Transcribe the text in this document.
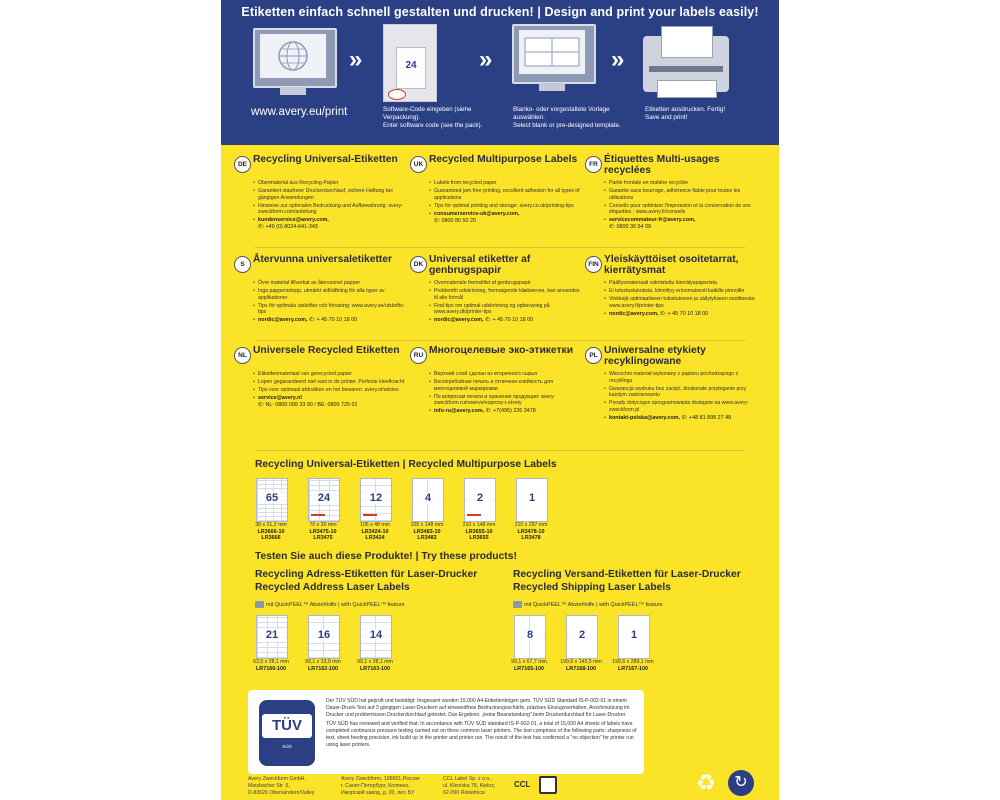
Etiketten einfach schnell gestalten und drucken! | Design and print your labels easily!
www.avery.eu/print
»	24
Software-Code eingeben (siehe Verpackung).
Enter software code (see the pack).
»
Blanko- oder vorgestaltete Vorlage auswählen.
Select blank or pre-designed template.
»
Etiketten ausdrucken. Fertig!
Save and print!
DE Recycling Universal-Etiketten
• Obermaterial aus Recycling-Papier
• Garantiert staufreier Druckerdurchlauf, sichere Haftung bei gängigen Anwendungen
• Hinweise zur optimalen Bedruckung und Aufbewahrung: avery-zweckform.com/anleitung
• kundenservice@avery.com,
✆: +49 (0) 8024-641-343
UK Recycled Multipurpose Labels
• Labels from recycled paper
• Guaranteed jam free printing, excellent adhesion for all types of applications
• Tips for optimal printing and storage: avery.co.uk/printing-tips
• consumerservice-uk@avery.com,
✆: 0800 80 50 20
FR Étiquettes Multi-usages recyclées
• Partie frontale en matière recyclée
• Garantie sans bourrage, adhérence fiable pour toutes les utilisations
• Conseils pour optimiser l'impression et la conservation de vos étiquettes : www.avery.fr/conseils
• servicecommateur-fr@avery.com,
✆: 0800 36 54 09
S Återvunna universaletiketter
• Övre material tillverkat av återvunnet papper
• Inga pappersstopp, utmärkt vidhäftning för alla typer av applikationer
• Tips för optimala utskrifter och förvaring: www.avery.se/utskrifts-tips
• nordic@avery.com, ✆: + 45 70 10 18 00
DK Universal etiketter af genbrugspapir
• Overmateriale fremstillet af genbrugspapir
• Problemfri udskrivning, fremragende klæbeevne, kan anvendes til alle formål
• Find tips om optimal udskrivning og opbevaring på www.avery.dk/printer-tips
• nordic@avery.com, ✆: + 45 70 10 18 00
FIN Yleiskäyttöiset osoitetarrat, kierrätysmat
• Päällysmateriaali valmistettu kierrätyspaperista
• Ei tulostustukoksia, kiinnittyy erinomaisesti kaikille pinnoille
• Vinkkejä optimaaliseen tulostukseen ja säilytykseen osoitteesta: www.avery.fi/printer-tips
• nordic@avery.com, ✆: + 45 70 10 18 00
NL Universele Recycled Etiketten
• Etikettenmateriaal van gerecycled papier
• Lopen gegarandeerd niet vast in de printer. Perfecte kleefkracht
• Tips voor optimaal afdrukken en het bewaren: avery.nl/advies
• service@avery.nl
✆: NL: 0800 099 33 90 / BE: 0800 725 01
RU Многоцелевые эко-этикетки
• Верхний слой сделан из вторичного сырья
• Бесперебойная печать и отличная клейкость для многоцелевой маркировки
• По вопросам печати и хранения продукции: avery-zweckform.ru/reserve/voprosy-i-otvety
• info-ru@avery.com, ✆: +7(495) 226 3478
PL Uniwersalne etykiety recyklingowane
• Wierzchni materiał wykonany z papieru pochodzącego z recyklingu
• Gwarancja wydruku bez zacięć, doskonałe przyleganie przy każdym zastosowaniu
• Porady dotyczące oprogramowania dostępne na www.avery-zweckform.pl
• kontakt-polska@avery.com, ✆: +48 81 898 27 48
Recycling Universal-Etiketten | Recycled Multipurpose Labels
65
38 x 21,2 mm
LR3666-10
LR3666
24
70 x 36 mm
LR3475-10
LR3475
12
105 x 48 mm
LR3424-10
LR3424
4
105 x 148 mm
LR3483-10
LR3483
2
210 x 148 mm
LR3655-10
LR3655
1
210 x 297 mm
LR3478-10
LR3478
Testen Sie auch diese Produkte! | Try these products!
Recycling Adress-Etiketten für Laser-Drucker
Recycled Address Laser Labels
mit QuickPEEL™ Abziehhilfe | with QuickPEEL™ feature
Recycling Versand-Etiketten für Laser-Drucker
Recycled Shipping Laser Labels
mit QuickPEEL™ Abziehhilfe | with QuickPEEL™ feature
21
63,5 x 38,1 mm
LR7160-100
16
99,1 x 33,9 mm
LR7162-100
14
99,1 x 38,1 mm
LR7163-100
8
99,1 x 67,7 mm
LR7165-100
2
199,6 x 143,5 mm
LR7168-100
1
199,6 x 289,1 mm
LR7167-100
TÜV
SÜD

Der TÜV SÜD hat geprüft und bestätigt: Insgesamt wurden 15.000 A4-Etikettenbögen gem. TÜV SÜD Standard IS-P-002-01 in einem Dauer-Druck-Test auf 3 gängigen Laser-Druckern auf einwandfreie Bedruckungsschärfe, präzises Einzugsverhalten, Anschmutzung im Drucker und problemlosen Druckerdurchlauf getestet. Das Ergebnis: „keine Beanstandung" beim Druckerdurchlauf für Laser-Drucker.

TÜV SÜD has reviewed and verified that: In accordance with TÜV SÜD standard IS-P-002-01, a total of 15,000 A4 sheets of labels have completed continuous pressure testing carried out on three common laser printers. The test comprises of the following parts: sharpness of text, sheet feeding precision, ink build up in the printer and printer run. The result of the test has confirmed a "no objection" for printer run using laser printers.

Avery Zweckform GmbH,
Miesbacher Str. 5,
D-83626 Oberlaindern/Valley
Avery Zweckform, 196651,Россия
г. Санкт-Петербург, Колпино,
Ижорский завод, д. 20, лит. БУ
CCL Label Sp. z o.o.,
ul. Kleniska 78, Kiekrz,
62-090 Rokietnica
CCL	♻	↻
